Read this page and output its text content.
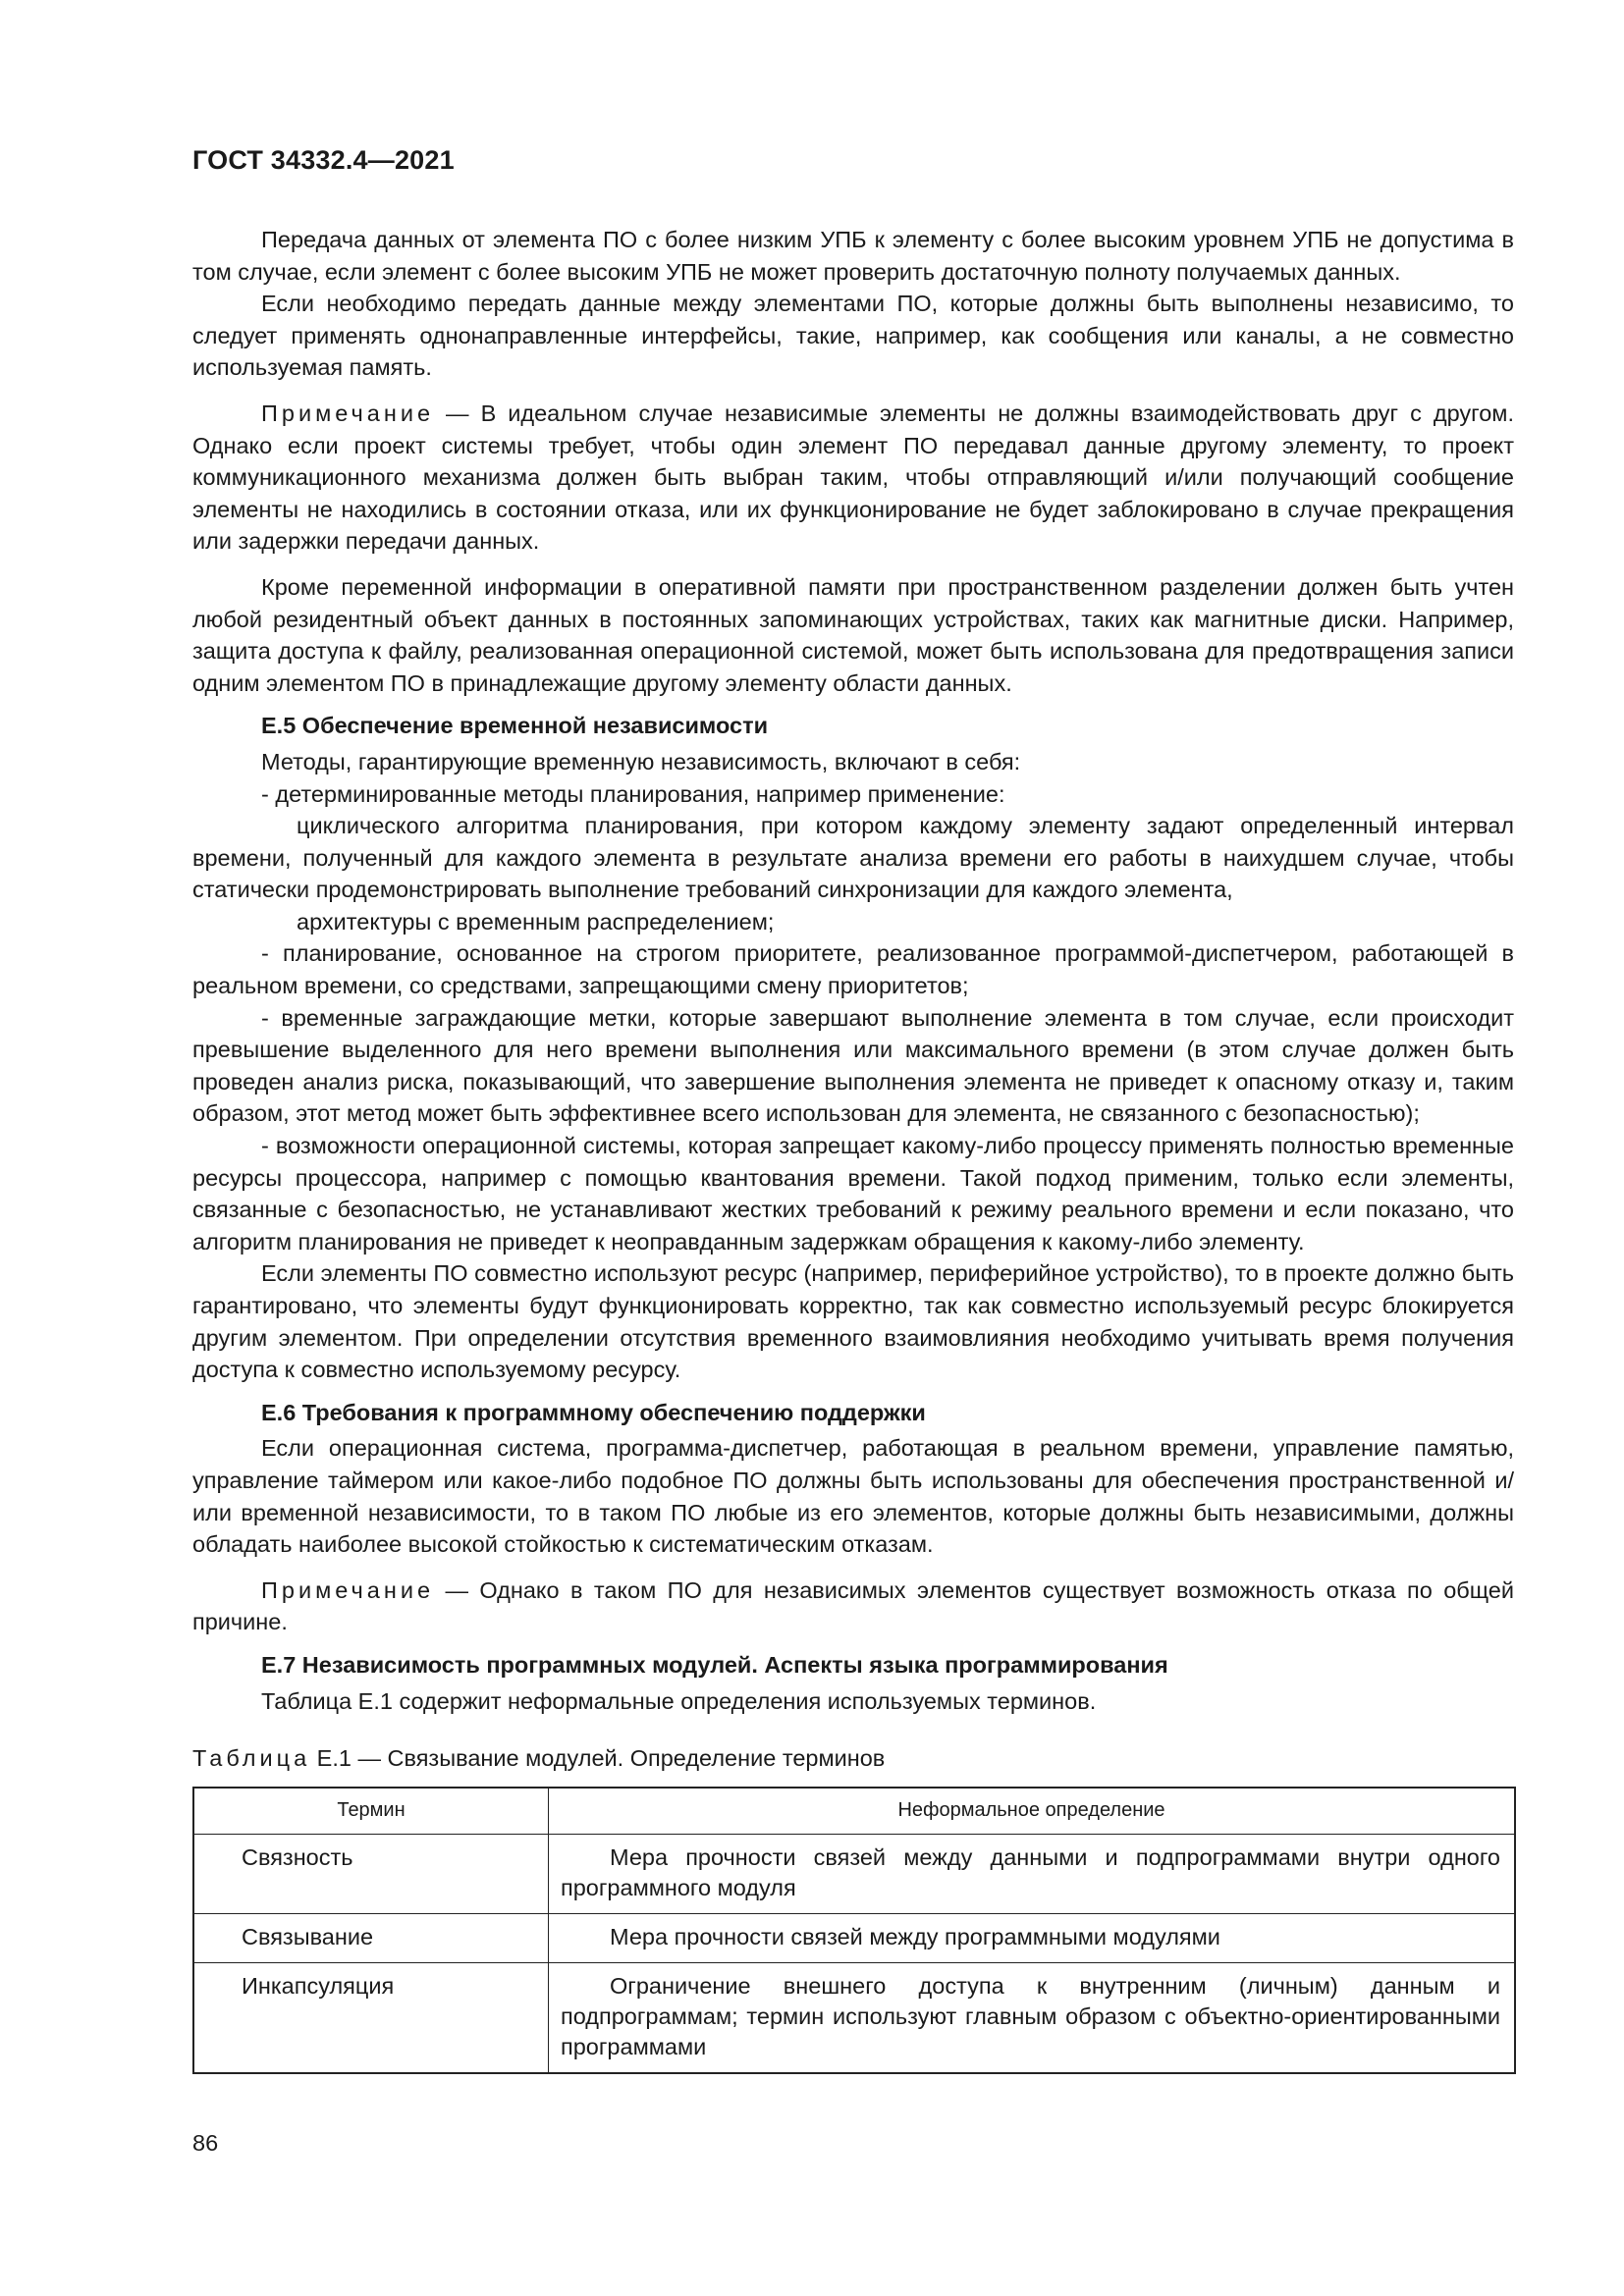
ГОСТ 34332.4—2021

Передача данных от элемента ПО с более низким УПБ к элементу с более высоким уровнем УПБ не допустима в том случае, если элемент с более высоким УПБ не может проверить достаточную полноту получаемых данных.

Если необходимо передать данные между элементами ПО, которые должны быть выполнены независимо, то следует применять однонаправленные интерфейсы, такие, например, как сообщения или каналы, а не совместно используемая память.

Примечание — В идеальном случае независимые элементы не должны взаимодействовать друг с другом. Однако если проект системы требует, чтобы один элемент ПО передавал данные другому элементу, то проект коммуникационного механизма должен быть выбран таким, чтобы отправляющий и/или получающий сообщение элементы не находились в состоянии отказа, или их функционирование не будет заблокировано в случае прекращения или задержки передачи данных.

Кроме переменной информации в оперативной памяти при пространственном разделении должен быть учтен любой резидентный объект данных в постоянных запоминающих устройствах, таких как магнитные диски. Например, защита доступа к файлу, реализованная операционной системой, может быть использована для предотвращения записи одним элементом ПО в принадлежащие другому элементу области данных.

Е.5 Обеспечение временной независимости

Методы, гарантирующие временную независимость, включают в себя:

- детерминированные методы планирования, например применение:

циклического алгоритма планирования, при котором каждому элементу задают определенный интервал времени, полученный для каждого элемента в результате анализа времени его работы в наихудшем случае, чтобы статически продемонстрировать выполнение требований синхронизации для каждого элемента,

архитектуры с временным распределением;

- планирование, основанное на строгом приоритете, реализованное программой-диспетчером, работающей в реальном времени, со средствами, запрещающими смену приоритетов;

- временные заграждающие метки, которые завершают выполнение элемента в том случае, если происходит превышение выделенного для него времени выполнения или максимального времени (в этом случае должен быть проведен анализ риска, показывающий, что завершение выполнения элемента не приведет к опасному отказу и, таким образом, этот метод может быть эффективнее всего использован для элемента, не связанного с безопасностью);

- возможности операционной системы, которая запрещает какому-либо процессу применять полностью временные ресурсы процессора, например с помощью квантования времени. Такой подход применим, только если элементы, связанные с безопасностью, не устанавливают жестких требований к режиму реального времени и если показано, что алгоритм планирования не приведет к неоправданным задержкам обращения к какому-либо элементу.

Если элементы ПО совместно используют ресурс (например, периферийное устройство), то в проекте должно быть гарантировано, что элементы будут функционировать корректно, так как совместно используемый ресурс блокируется другим элементом. При определении отсутствия временного взаимовлияния необходимо учитывать время получения доступа к совместно используемому ресурсу.

Е.6 Требования к программному обеспечению поддержки

Если операционная система, программа-диспетчер, работающая в реальном времени, управление памятью, управление таймером или какое-либо подобное ПО должны быть использованы для обеспечения пространственной и/или временной независимости, то в таком ПО любые из его элементов, которые должны быть независимыми, должны обладать наиболее высокой стойкостью к систематическим отказам.

Примечание — Однако в таком ПО для независимых элементов существует возможность отказа по общей причине.

Е.7 Независимость программных модулей. Аспекты языка программирования

Таблица Е.1 содержит неформальные определения используемых терминов.

Таблица Е.1 — Связывание модулей. Определение терминов

Термин	Неформальное определение
Связность	Мера прочности связей между данными и подпрограммами внутри одного программного модуля
Связывание	Мера прочности связей между программными модулями
Инкапсуляция	Ограничение внешнего доступа к внутренним (личным) данным и подпрограммам; термин используют главным образом с объектно-ориентированными программами
86
